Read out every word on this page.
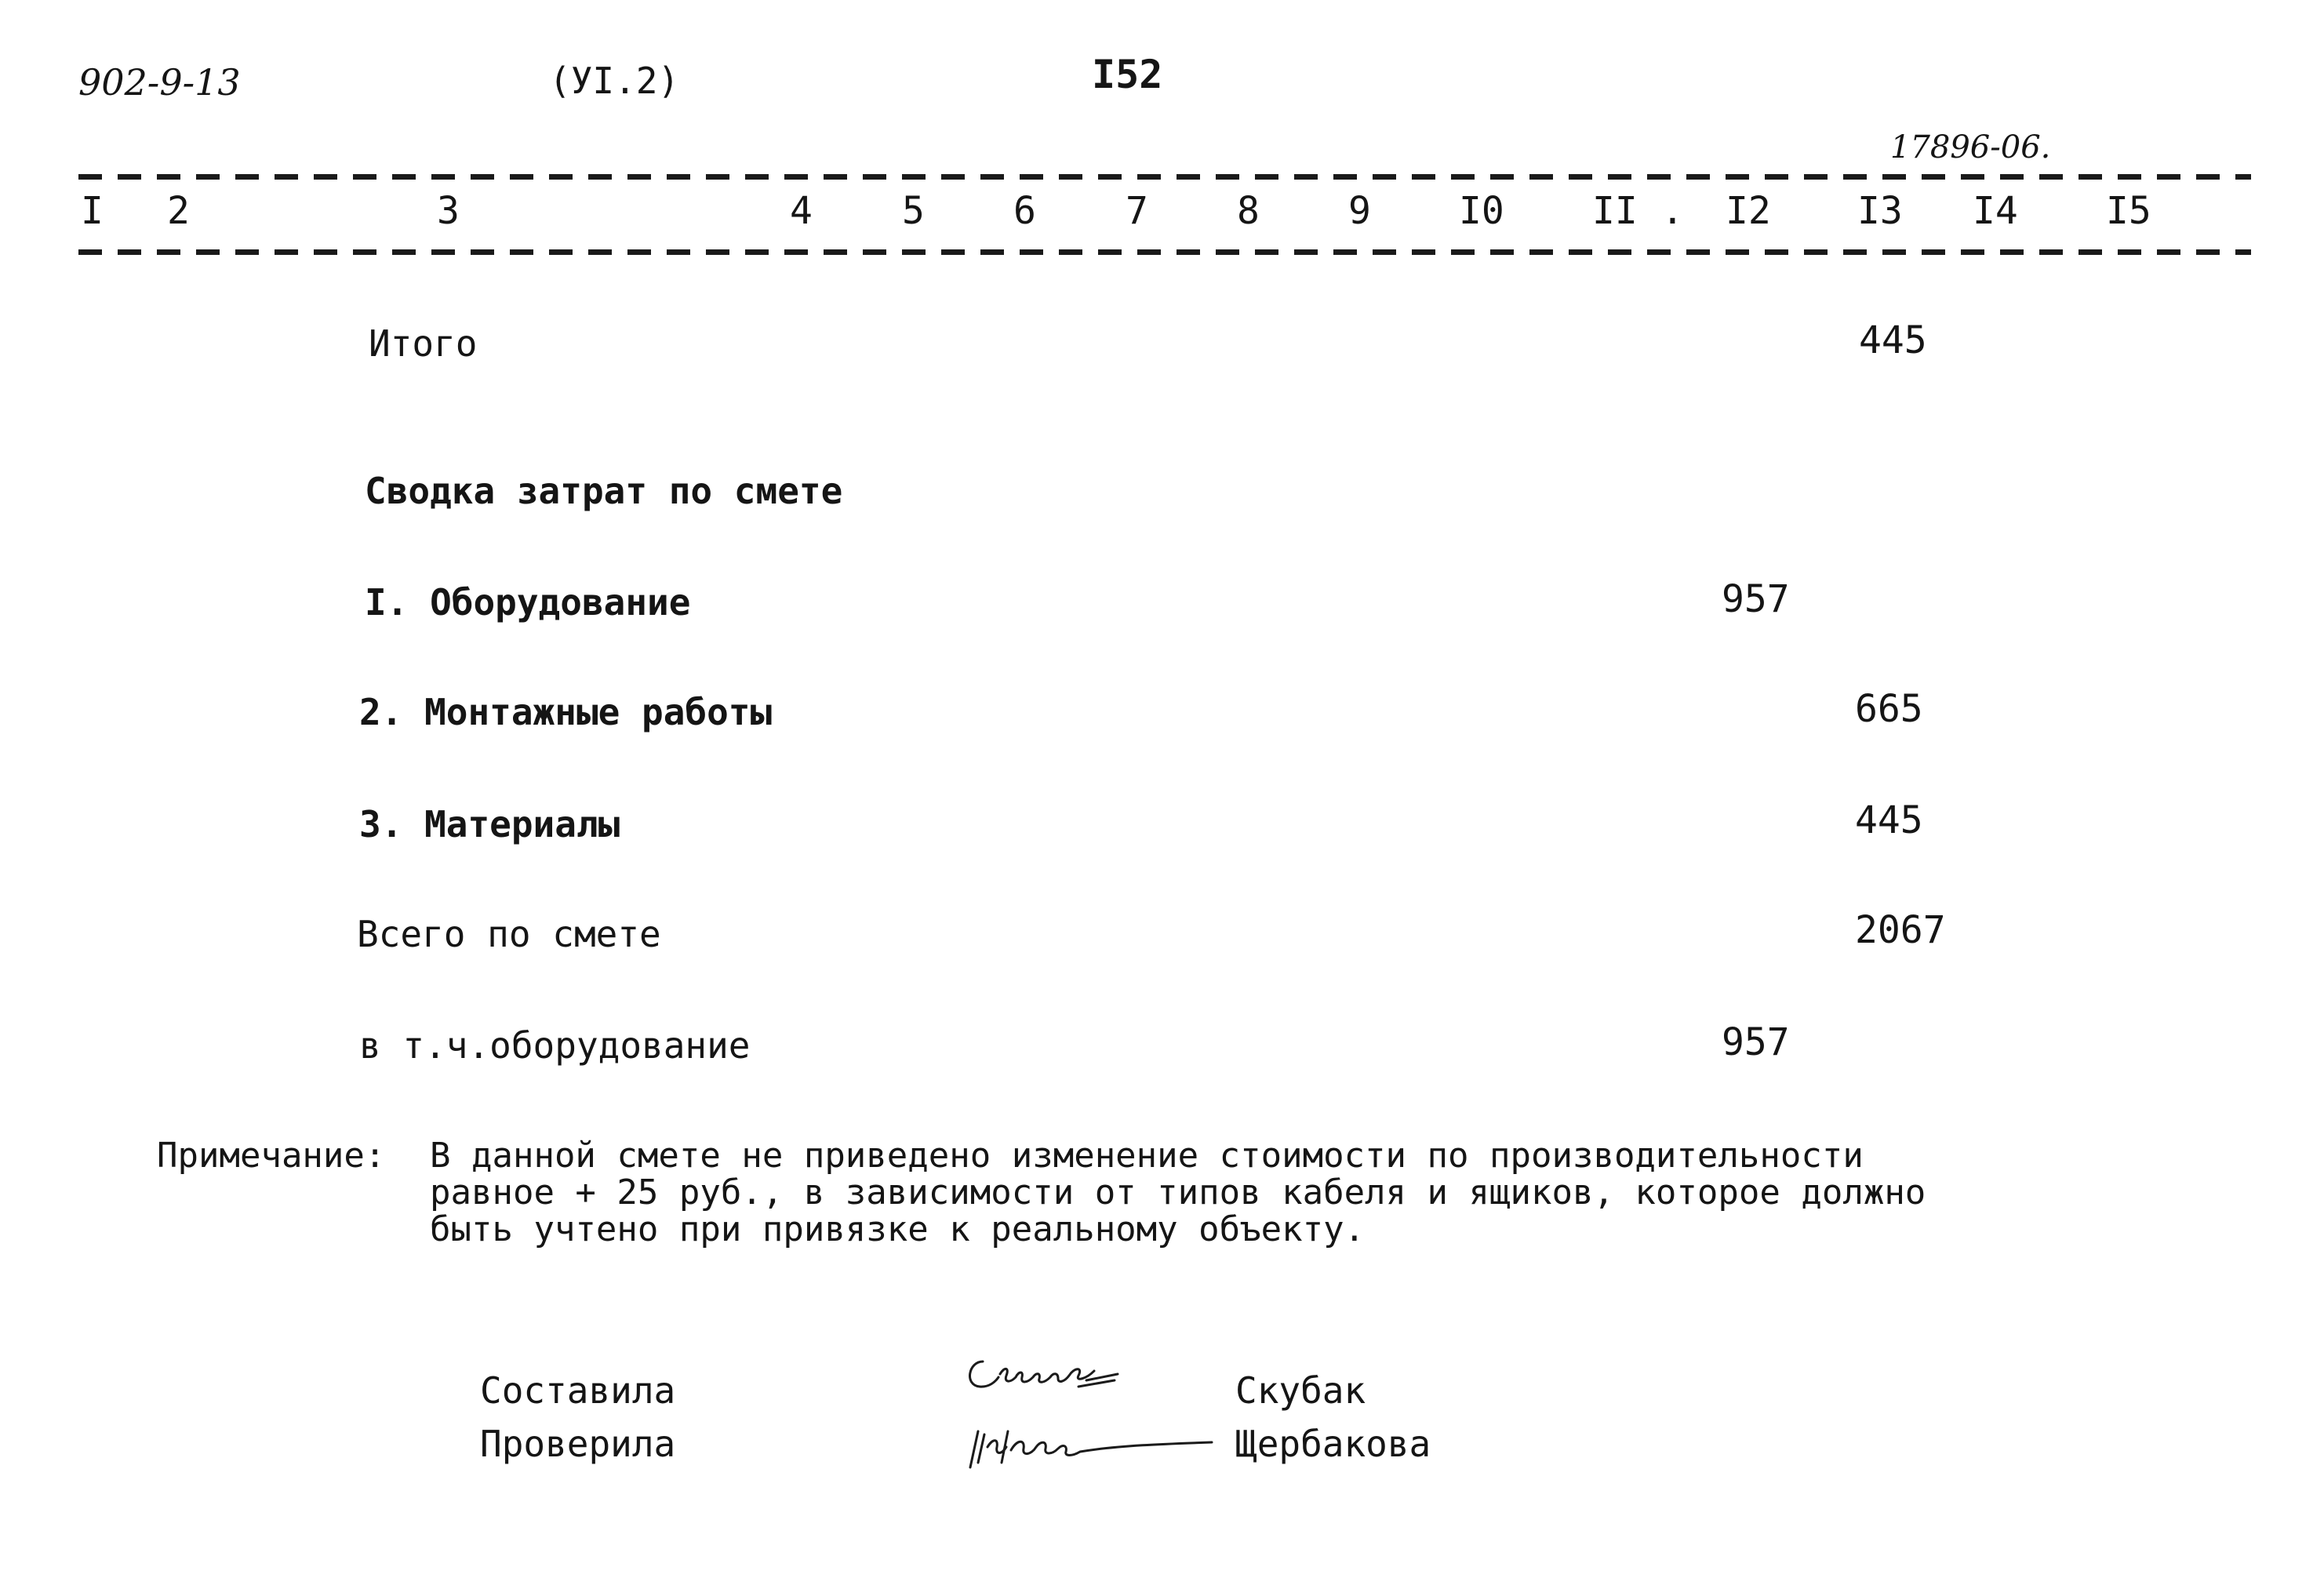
902-9-13	(УI.2)	I52
17896-06.
I 2	3	4 5 6 7 8 9 I0 II . I2 I3 I4 I5
Итого	445
Сводка затрат по смете
I. Оборудование	957
2. Монтажные работы	665
3. Материалы	445
Всего по смете	2067
в т.ч.оборудование	957
Примечание: В данной смете не приведено изменение стоимости по производительности
равное + 25 руб., в зависимости от типов кабеля и ящиков, которое должно
быть учтено при привязке к реальному объекту.
Составила	Скубак
Проверила	Щербакова
